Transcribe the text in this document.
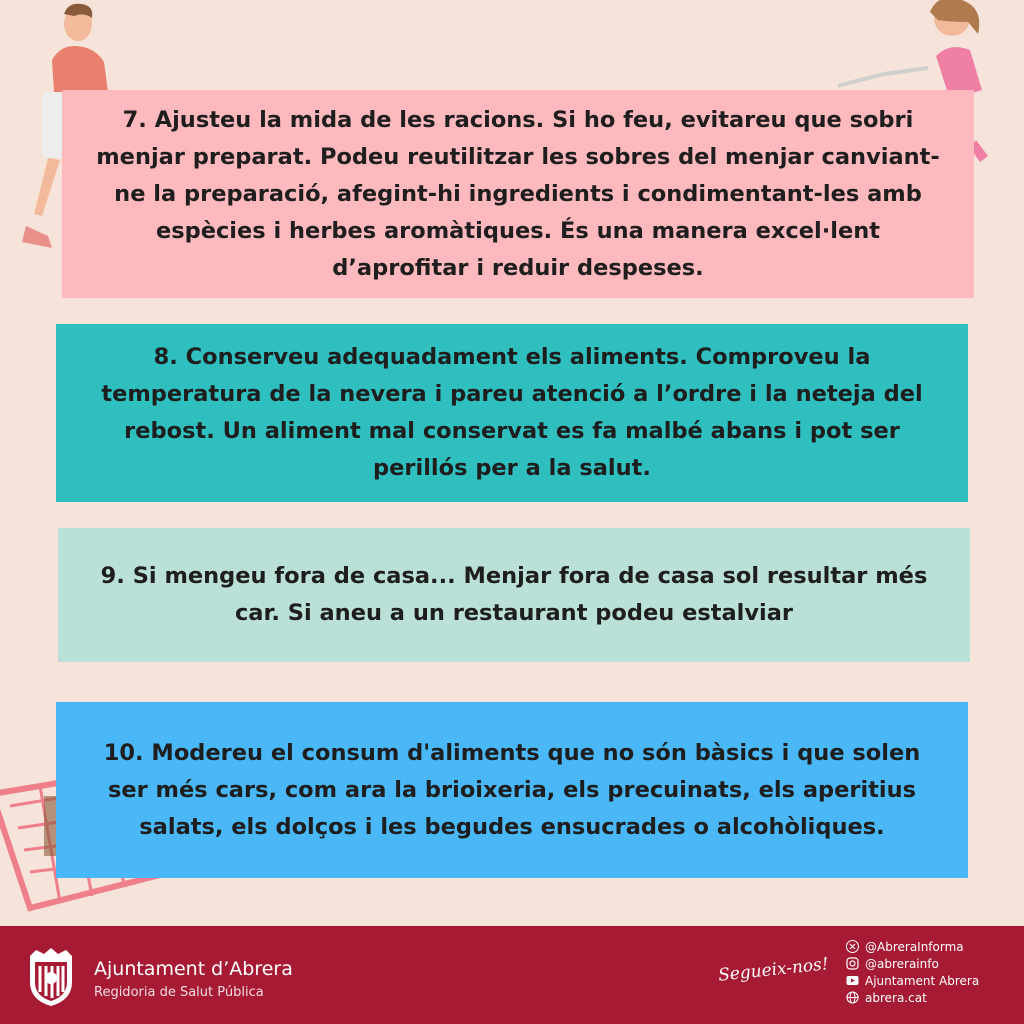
7. Ajusteu la mida de les racions. Si ho feu, evitareu que sobri menjar preparat. Podeu reutilitzar les sobres del menjar canviant-ne la preparació, afegint-hi ingredients i condimentant-les amb espècies i herbes aromàtiques. És una manera excel·lent d’aprofitar i reduir despeses.

8. Conserveu adequadament els aliments. Comproveu la temperatura de la nevera i pareu atenció a l’ordre i la neteja del rebost. Un aliment mal conservat es fa malbé abans i pot ser perillós per a la salut.

9. Si mengeu fora de casa... Menjar fora de casa sol resultar més car. Si aneu a un restaurant podeu estalviar

10. Modereu el consum d'aliments que no són bàsics i que solen ser més cars, com ara la brioixeria, els precuinats, els aperitius salats, els dolços i les begudes ensucrades o alcohòliques.

Ajuntament d’Abrera
Regidoria de Salut Pública
Segueix-nos!
@AbreraInforma
@abrerainfo
Ajuntament Abrera
abrera.cat
